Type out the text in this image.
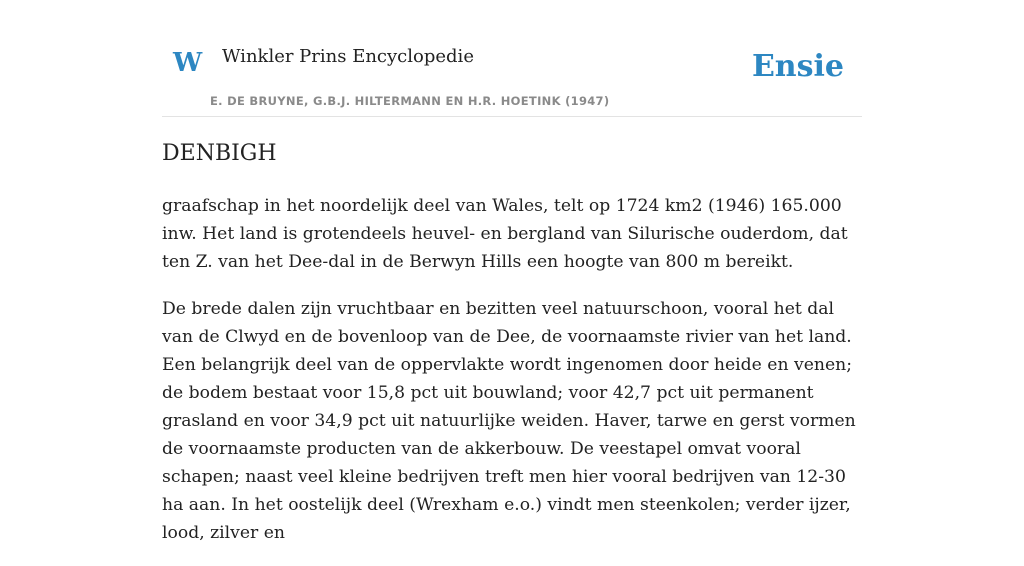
W Winkler Prins Encyclopedie
E. DE BRUYNE, G.B.J. HILTERMANN EN H.R. HOETINK (1947)
Ensie
DENBIGH

graafschap in het noordelijk deel van Wales, telt op 1724 km2 (1946) 165.000 inw. Het land is grotendeels heuvel- en bergland van Silurische ouderdom, dat ten Z. van het Dee-dal in de Berwyn Hills een hoogte van 800 m bereikt.

De brede dalen zijn vruchtbaar en bezitten veel natuurschoon, vooral het dal van de Clwyd en de bovenloop van de Dee, de voornaamste rivier van het land. Een belangrijk deel van de oppervlakte wordt ingenomen door heide en venen; de bodem bestaat voor 15,8 pct uit bouwland; voor 42,7 pct uit permanent grasland en voor 34,9 pct uit natuurlijke weiden. Haver, tarwe en gerst vormen de voornaamste producten van de akkerbouw. De veestapel omvat vooral schapen; naast veel kleine bedrijven treft men hier vooral bedrijven van 12-30 ha aan. In het oostelijk deel (Wrexham e.o.) vindt men steenkolen; verder ijzer, lood, zilver en
